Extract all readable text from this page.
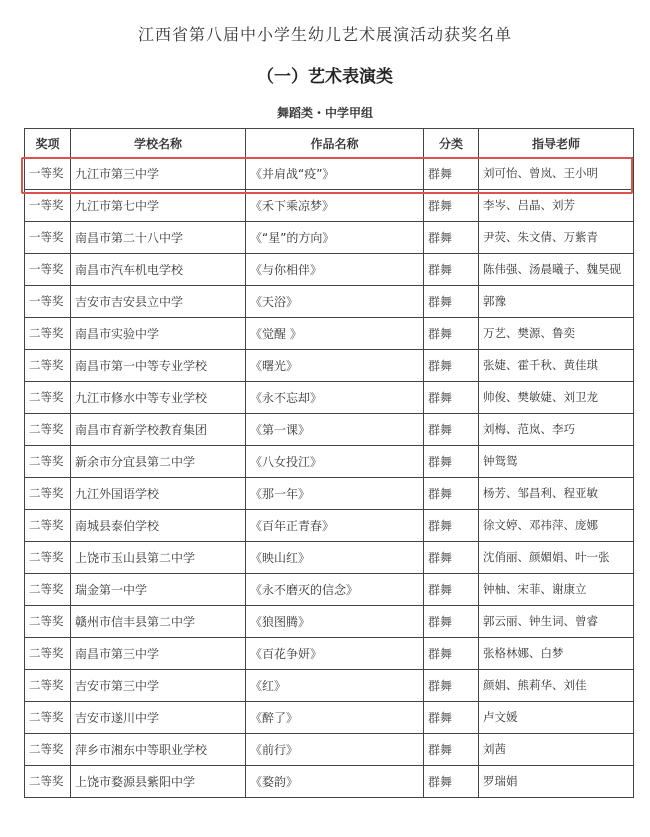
江西省第八届中小学生幼儿艺术展演活动获奖名单
（一）艺术表演类
舞蹈类・中学甲组
奖项	学校名称	作品名称	分类	指导老师
一等奖	九江市第三中学	《并肩战“疫”》	群舞	刘可怡、曾岚、王小明
一等奖	九江市第七中学	《禾下乘凉梦》	群舞	李岑、吕晶、刘芳
一等奖	南昌市第二十八中学	《“星”的方向》	群舞	尹荧、朱文倩、万紫青
一等奖	南昌市汽车机电学校	《与你相伴》	群舞	陈伟强、汤晨曦子、魏昊砚
一等奖	吉安市吉安县立中学	《天浴》	群舞	郭豫
二等奖	南昌市实验中学	《觉醒 》	群舞	万艺、樊源、鲁奕
二等奖	南昌市第一中等专业学校	《曙光》	群舞	张婕、霍千秋、黄佳琪
二等奖	九江市修水中等专业学校	《永不忘却》	群舞	帅俊、樊敏婕、刘卫龙
二等奖	南昌市育新学校教育集团	《第一课》	群舞	刘梅、范岚、李巧
二等奖	新余市分宜县第二中学	《八女投江》	群舞	钟鸳鸳
二等奖	九江外国语学校	《那一年》	群舞	杨芳、邹昌利、程亚敏
二等奖	南城县泰伯学校	《百年正青春》	群舞	徐文婷、邓祎萍、庞娜
二等奖	上饶市玉山县第二中学	《映山红》	群舞	沈俏丽、颜媚娟、叶一张
二等奖	瑞金第一中学	《永不磨灭的信念》	群舞	钟柚、宋菲、谢康立
二等奖	赣州市信丰县第二中学	《狼图腾》	群舞	郭云丽、钟生词、曾睿
二等奖	南昌市第三中学	《百花争妍》	群舞	张格林娜、白梦
二等奖	吉安市第三中学	《红》	群舞	颜娟、熊莉华、刘佳
二等奖	吉安市遂川中学	《醉了》	群舞	卢文媛
二等奖	萍乡市湘东中等职业学校	《前行》	群舞	刘茜
二等奖	上饶市婺源县紫阳中学	《婺韵》	群舞	罗瑞娟
